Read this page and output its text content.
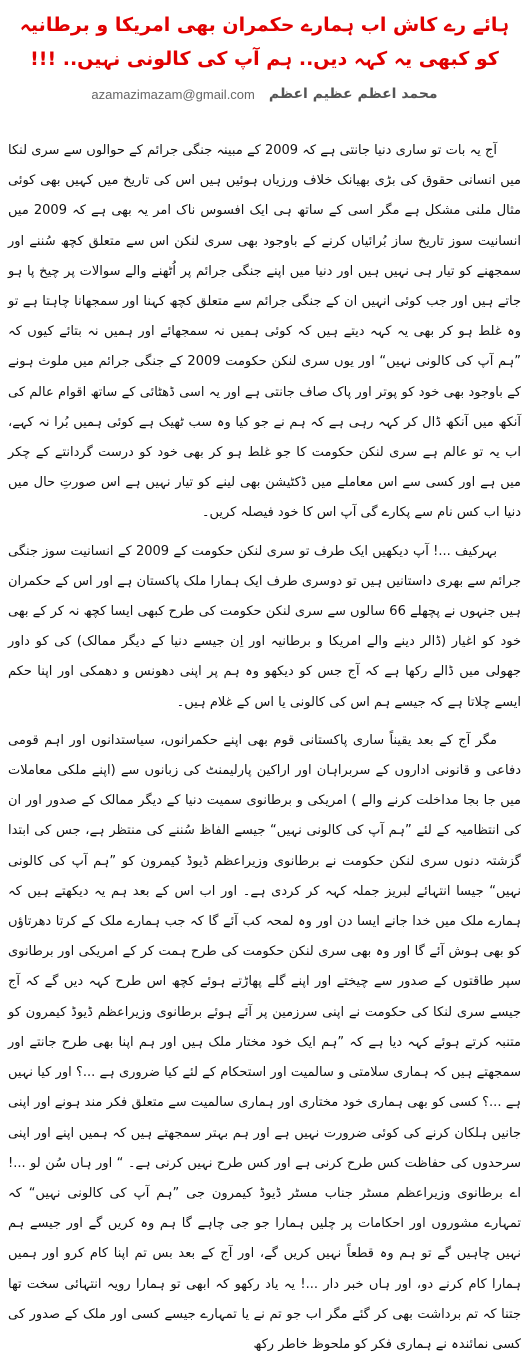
ہائے رے کاش اب ہمارے حکمران بھی امریکا و برطانیہ کو کبھی یہ کہہ دیں.. ہم آپ کی کالونی نہیں.. !!!
محمد اعظم عظیم اعظم
azamazimazam@gmail.com

آج یہ بات تو ساری دنیا جانتی ہے کہ 2009 کے مبینہ جنگی جرائم کے حوالوں سے سری لنکا میں انسانی حقوق کی بڑی بھیانک خلاف ورزیاں ہوئیں ہیں اس کی تاریخ میں کہیں بھی کوئی مثال ملنی مشکل ہے مگر اسی کے ساتھ ہی ایک افسوس ناک امر یہ بھی ہے کہ 2009 میں انسانیت سوز تاریخ ساز بُرائیاں کرنے کے باوجود بھی سری لنکن اس سے متعلق کچھ سُننے اور سمجھنے کو تیار ہی نہیں ہیں اور دنیا میں اپنے جنگی جرائم پر اُٹھنے والے سوالات پر چیخ پا ہو جاتے ہیں اور جب کوئی انہیں ان کے جنگی جرائم سے متعلق کچھ کہنا اور سمجھانا چاہتا ہے تو وہ غلط ہو کر بھی یہ کہہ دیتے ہیں کہ کوئی ہمیں نہ سمجھائے اور ہمیں نہ بتائے کیوں کہ ”ہم آپ کی کالونی نہیں“ اور یوں سری لنکن حکومت 2009 کے جنگی جرائم میں ملوث ہونے کے باوجود بھی خود کو پوتر اور پاک صاف جانتی ہے اور یہ اسی ڈھٹائی کے ساتھ اقوام عالم کی آنکھ میں آنکھ ڈال کر کہہ رہی ہے کہ ہم نے جو کیا وہ سب ٹھیک ہے کوئی ہمیں بُرا نہ کہے، اب یہ تو عالم ہے سری لنکن حکومت کا جو غلط ہو کر بھی خود کو درست گردانتے کے چکر میں ہے اور کسی سے اس معاملے میں ڈکٹیشن بھی لینے کو تیار نہیں ہے اس صورتِ حال میں دنیا اب کس نام سے پکارے گی آپ اس کا خود فیصلہ کریں۔

بہرکیف ...! آپ دیکھیں ایک طرف تو سری لنکن حکومت کے 2009 کے انسانیت سوز جنگی جرائم سے بھری داستانیں ہیں تو دوسری طرف ایک ہمارا ملک پاکستان ہے اور اس کے حکمران ہیں جنہوں نے پچھلے 66 سالوں سے سری لنکن حکومت کی طرح کبھی ایسا کچھ نہ کر کے بھی خود کو اغیار (ڈالر دینے والے امریکا و برطانیہ اور اِن جیسے دنیا کے دیگر ممالک) کی کو داور جھولی میں ڈالے رکھا ہے کہ آج جس کو دیکھو وہ ہم پر اپنی دھونس و دھمکی اور اپنا حکم ایسے چلاتا ہے کہ جیسے ہم اس کی کالونی یا اس کے غلام ہیں۔

مگر آج کے بعد یقیناً ساری پاکستانی قوم بھی اپنے حکمرانوں، سیاستدانوں اور اہم قومی دفاعی و قانونی اداروں کے سربراہان اور اراکین پارلیمنٹ کی زبانوں سے (اپنے ملکی معاملات میں جا بجا مداخلت کرنے والے ) امریکی و برطانوی سمیت دنیا کے دیگر ممالک کے صدور اور ان کی انتظامیہ کے لئے ”ہم آپ کی کالونی نہیں“ جیسے الفاظ سُننے کی منتظر ہے، جس کی ابتدا گزشتہ دنوں سری لنکن حکومت نے برطانوی وزیراعظم ڈیوڈ کیمرون کو ”ہم آپ کی کالونی نہیں“ جیسا انتہائے لبریز جملہ کہہ کر کردی ہے۔ اور اب اس کے بعد ہم یہ دیکھتے ہیں کہ ہمارے ملک میں خدا جانے ایسا دن اور وہ لمحہ کب آئے گا کہ جب ہمارے ملک کے کرتا دھرتاؤں کو بھی ہوش آئے گا اور وہ بھی سری لنکن حکومت کی طرح ہمت کر کے امریکی اور برطانوی سپر طاقتوں کے صدور سے چیختے اور اپنے گلے پھاڑتے ہوئے کچھ اس طرح کہہ دیں گے کہ آج جیسے سری لنکا کی حکومت نے اپنی سرزمین پر آئے ہوئے برطانوی وزیراعظم ڈیوڈ کیمرون کو متنبہ کرتے ہوئے کہہ دیا ہے کہ ”ہم ایک خود مختار ملک ہیں اور ہم اپنا بھی طرح جانتے اور سمجھتے ہیں کہ ہماری سلامتی و سالمیت اور استحکام کے لئے کیا ضروری ہے ...؟ اور کیا نہیں ہے ...؟ کسی کو بھی ہماری خود مختاری اور ہماری سالمیت سے متعلق فکر مند ہونے اور اپنی جانیں ہلکان کرنے کی کوئی ضرورت نہیں ہے اور ہم بہتر سمجھتے ہیں کہ ہمیں اپنے اور اپنی سرحدوں کی حفاظت کس طرح کرنی ہے اور کس طرح نہیں کرنی ہے۔ “ اور ہاں سُن لو ...! اے برطانوی وزیراعظم مسٹر جناب مسٹر ڈیوڈ کیمرون جی ”ہم آپ کی کالونی نہیں“ کہ تمہارے مشوروں اور احکامات پر چلیں ہمارا جو جی چاہے گا ہم وہ کریں گے اور جیسے ہم نہیں چاہیں گے تو ہم وہ قطعاً نہیں کریں گے، اور آج کے بعد بس تم اپنا کام کرو اور ہمیں ہمارا کام کرنے دو، اور ہاں خبر دار ...! یہ یاد رکھو کہ ابھی تو ہمارا رویہ انتہائی سخت تھا جتنا کہ تم برداشت بھی کر گئے مگر اب جو تم نے یا تمہارے جیسے کسی اور ملک کے صدور کی کسی نمائندہ نے ہماری فکر کو ملحوظ خاطر رکھ
